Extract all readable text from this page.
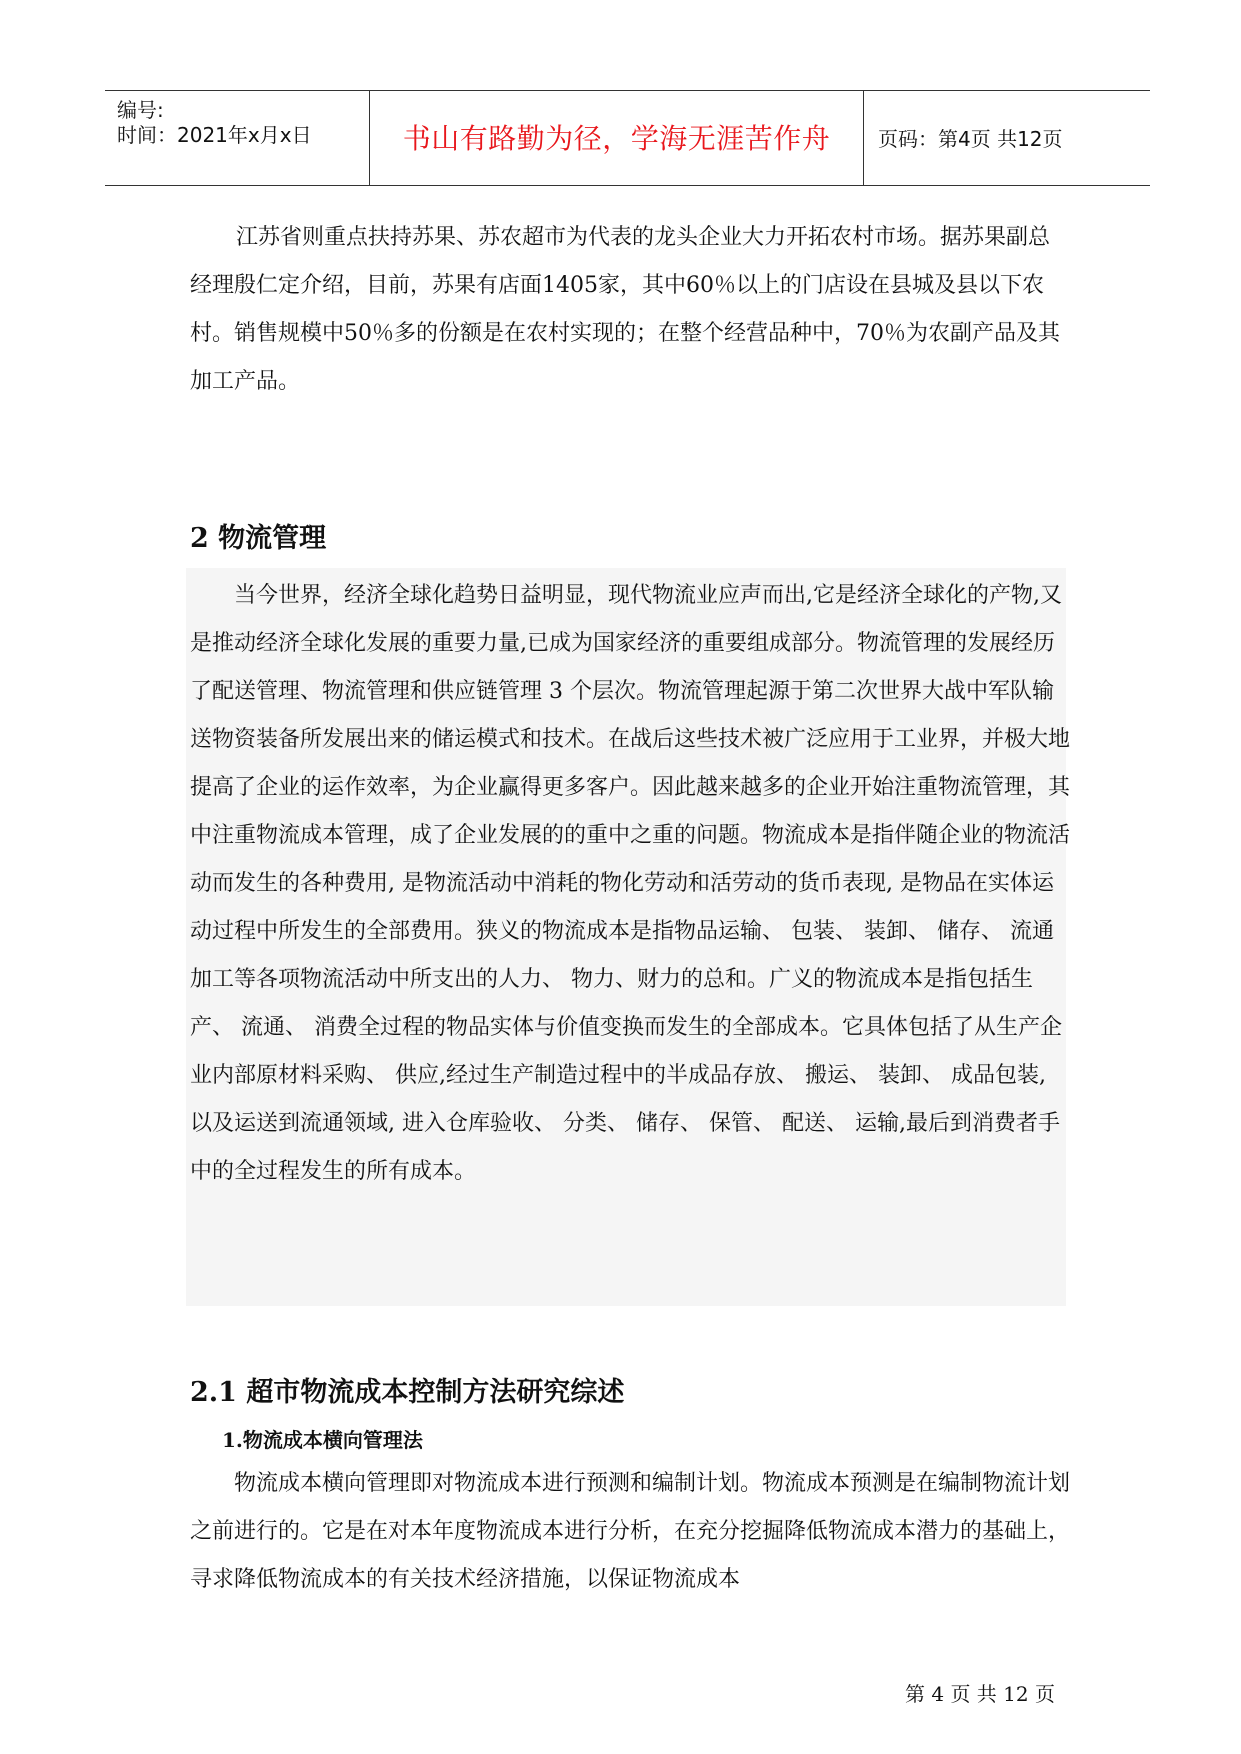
编号:
时间：2021年x月x日	书山有路勤为径，学海无涯苦作舟	页码：第4页 共12页

江苏省则重点扶持苏果、苏农超市为代表的龙头企业大力开拓农村市场。据苏果副总经理殷仁定介绍，目前，苏果有店面1405家，其中60％以上的门店设在县城及县以下农村。销售规模中50％多的份额是在农村实现的；在整个经营品种中，70％为农副产品及其加工产品。

2 物流管理

当今世界，经济全球化趋势日益明显，现代物流业应声而出,它是经济全球化的产物,又是推动经济全球化发展的重要力量,已成为国家经济的重要组成部分。物流管理的发展经历了配送管理、物流管理和供应链管理 3 个层次。物流管理起源于第二次世界大战中军队输送物资装备所发展出来的储运模式和技术。在战后这些技术被广泛应用于工业界，并极大地提高了企业的运作效率，为企业赢得更多客户。因此越来越多的企业开始注重物流管理，其中注重物流成本管理，成了企业发展的的重中之重的问题。物流成本是指伴随企业的物流活动而发生的各种费用, 是物流活动中消耗的物化劳动和活劳动的货币表现, 是物品在实体运动过程中所发生的全部费用。狭义的物流成本是指物品运输、 包装、 装卸、 储存、 流通加工等各项物流活动中所支出的人力、 物力、财力的总和。广义的物流成本是指包括生产、 流通、 消费全过程的物品实体与价值变换而发生的全部成本。它具体包括了从生产企业内部原材料采购、 供应,经过生产制造过程中的半成品存放、 搬运、 装卸、 成品包装, 以及运送到流通领域, 进入仓库验收、 分类、 储存、 保管、 配送、 运输,最后到消费者手中的全过程发生的所有成本。

2.1 超市物流成本控制方法研究综述
1.物流成本横向管理法

物流成本横向管理即对物流成本进行预测和编制计划。物流成本预测是在编制物流计划之前进行的。它是在对本年度物流成本进行分析，在充分挖掘降低物流成本潜力的基础上，寻求降低物流成本的有关技术经济措施，以保证物流成本

第 4 页 共 12 页
